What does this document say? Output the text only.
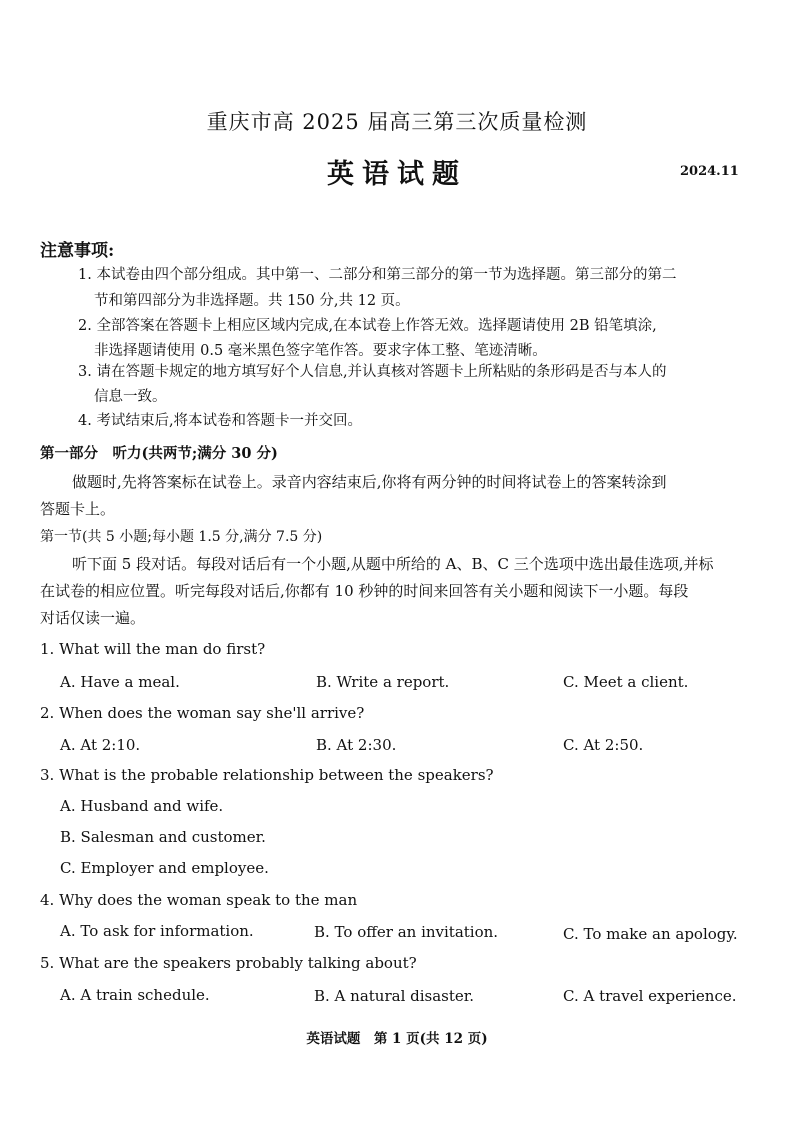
重庆市高 2025 届高三第三次质量检测
英语试题	2024.11
注意事项:
1. 本试卷由四个部分组成。其中第一、二部分和第三部分的第一节为选择题。第三部分的第二
节和第四部分为非选择题。共 150 分,共 12 页。
2. 全部答案在答题卡上相应区域内完成,在本试卷上作答无效。选择题请使用 2B 铅笔填涂,
非选择题请使用 0.5 毫米黑色签字笔作答。要求字体工整、笔迹清晰。
3. 请在答题卡规定的地方填写好个人信息,并认真核对答题卡上所粘贴的条形码是否与本人的
信息一致。
4. 考试结束后,将本试卷和答题卡一并交回。
第一部分　听力(共两节;满分 30 分)
做题时,先将答案标在试卷上。录音内容结束后,你将有两分钟的时间将试卷上的答案转涂到
答题卡上。
第一节(共 5 小题;每小题 1.5 分,满分 7.5 分)
听下面 5 段对话。每段对话后有一个小题,从题中所给的 A、B、C 三个选项中选出最佳选项,并标
在试卷的相应位置。听完每段对话后,你都有 10 秒钟的时间来回答有关小题和阅读下一小题。每段
对话仅读一遍。
1. What will the man do first?
A. Have a meal.	B. Write a report.	C. Meet a client.
2. When does the woman say she'll arrive?
A. At 2:10.	B. At 2:30.	C. At 2:50.
3. What is the probable relationship between the speakers?
A. Husband and wife.
B. Salesman and customer.
C. Employer and employee.
4. Why does the woman speak to the man
A. To ask for information.	B. To offer an invitation.	C. To make an apology.
5. What are the speakers probably talking about?
A. A train schedule.	B. A natural disaster.	C. A travel experience.
英语试题　第 1 页(共 12 页)
